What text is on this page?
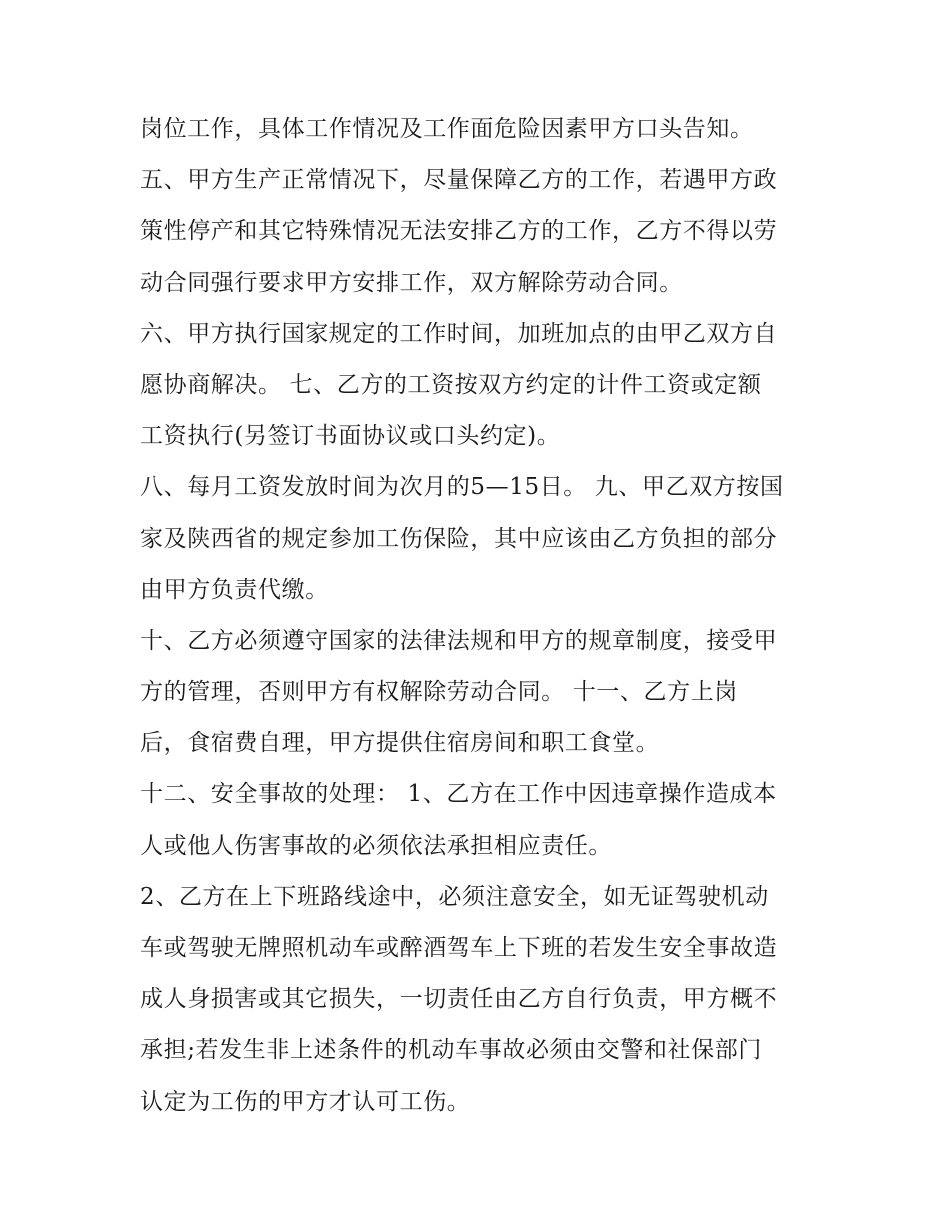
岗位工作，具体工作情况及工作面危险因素甲方口头告知。
五、甲方生产正常情况下，尽量保障乙方的工作，若遇甲方政
策性停产和其它特殊情况无法安排乙方的工作，乙方不得以劳
动合同强行要求甲方安排工作，双方解除劳动合同。
六、甲方执行国家规定的工作时间，加班加点的由甲乙双方自
愿协商解决。 七、乙方的工资按双方约定的计件工资或定额
工资执行(另签订书面协议或口头约定)。
八、每月工资发放时间为次月的5—15日。 九、甲乙双方按国
家及陕西省的规定参加工伤保险，其中应该由乙方负担的部分
由甲方负责代缴。
十、乙方必须遵守国家的法律法规和甲方的规章制度，接受甲
方的管理，否则甲方有权解除劳动合同。 十一、乙方上岗
后，食宿费自理，甲方提供住宿房间和职工食堂。
十二、安全事故的处理： 1、乙方在工作中因违章操作造成本
人或他人伤害事故的必须依法承担相应责任。
2、乙方在上下班路线途中，必须注意安全，如无证驾驶机动
车或驾驶无牌照机动车或醉酒驾车上下班的若发生安全事故造
成人身损害或其它损失，一切责任由乙方自行负责，甲方概不
承担;若发生非上述条件的机动车事故必须由交警和社保部门
认定为工伤的甲方才认可工伤。
